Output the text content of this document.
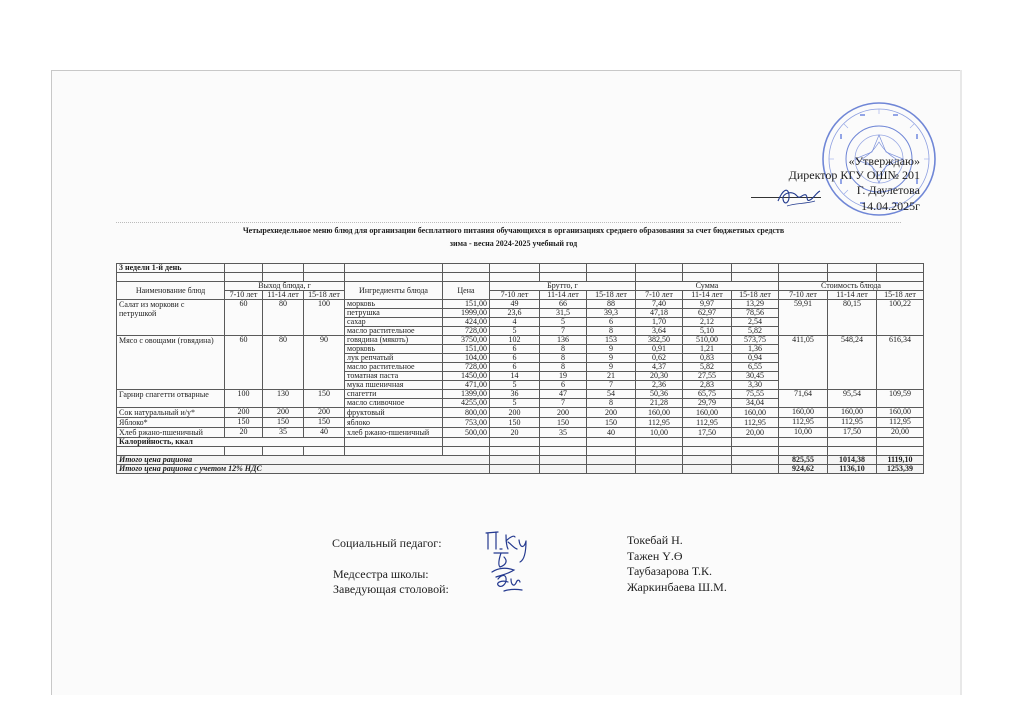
«Утверждаю»
Директор КГУ ОШ№ 201
Г. Даулетова
14.04.2025г
Четырехнедельное меню блюд для организации бесплатного питания обучающихся в организациях среднего образования за счет бюджетных средств
зима - весна 2024-2025 учебный год
3 недели 1-й день														

Наименование блюд	Выход блюда, г			Ингредиенты блюда	Цена	Брутто, г			Сумма			Стоимость блюда		
	7-10 лет	11-14 лет	15-18 лет			7-10 лет	11-14 лет	15-18 лет	7-10 лет	11-14 лет	15-18 лет	7-10 лет	11-14 лет	15-18 лет
Салат из моркови с петрушкой	60	80	100	морковь	151,00	49	66	88	7,40	9,97	13,29	59,91	80,15	100,22
				петрушка	1999,00	23,6	31,5	39,3	47,18	62,97	78,56			
				сахар	424,00	4	5	6	1,70	2,12	2,54			
				масло растительное	728,00	5	7	8	3,64	5,10	5,82			
Мясо с овощами (говядина)	60	80	90	говядина (мякоть)	3750,00	102	136	153	382,50	510,00	573,75	411,05	548,24	616,34
				морковь	151,00	6	8	9	0,91	1,21	1,36			
				лук репчатый	104,00	6	8	9	0,62	0,83	0,94			
				масло растительное	728,00	6	8	9	4,37	5,82	6,55			
				томатная паста	1450,00	14	19	21	20,30	27,55	30,45			
				мука пшеничная	471,00	5	6	7	2,36	2,83	3,30			
Гарнир спагетти отварные	100	130	150	спагетти	1399,00	36	47	54	50,36	65,75	75,55	71,64	95,54	109,59
				масло сливочное	4255,00	5	7	8	21,28	29,79	34,04			
Сок натуральный и/у*	200	200	200	фруктовый	800,00	200	200	200	160,00	160,00	160,00	160,00	160,00	160,00
Яблоко*	150	150	150	яблоко	753,00	150	150	150	112,95	112,95	112,95	112,95	112,95	112,95
Хлеб ржано-пшеничный	20	35	40	хлеб ржано-пшеничный	500,00	20	35	40	10,00	17,50	20,00	10,00	17,50	20,00
Калорийность, ккал														

Итого цена рациона												825,55	1014,38	1119,10
Итого цена рациона с учетом 12% НДС												924,62	1136,10	1253,39
Социальный педагог:	Токебай Н.
Тажен Ү.Ө
Медсестра школы:	Таубазарова Т.К.
Заведующая столовой:	Жаркинбаева Ш.М.
